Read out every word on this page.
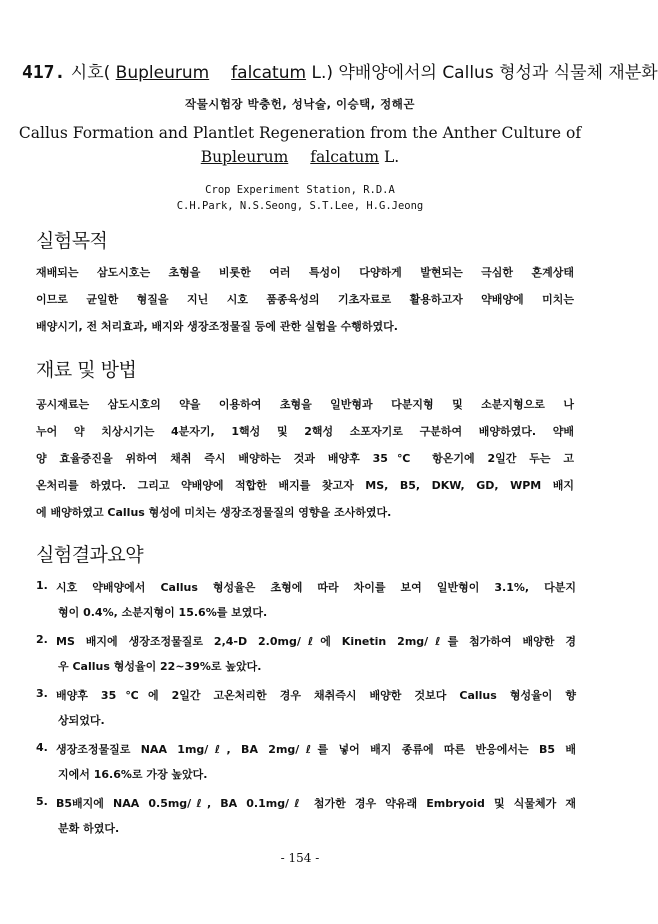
417. 시호( Bupleurum falcatum L.) 약배양에서의 Callus 형성과 식물체 재분화
작물시험장 박충헌, 성낙술, 이승택, 정해곤
Callus Formation and Plantlet Regeneration from the Anther Culture of
Bupleurum falcatum L.
Crop Experiment Station, R.D.A
C.H.Park, N.S.Seong, S.T.Lee, H.G.Jeong
실험목적
재배되는 삼도시호는 초형을 비롯한 여러 특성이 다양하게 발현되는 극심한 혼계상태
이므로 균일한 형질을 지닌 시호 품종육성의 기초자료로 활용하고자 약배양에 미치는
배양시기, 전 처리효과, 배지와 생장조정물질 등에 관한 실험을 수행하였다.
재료 및 방법
공시재료는 삼도시호의 약을 이용하여 초형을 일반형과 다분지형 및 소분지형으로 나
누어 약 치상시기는 4분자기, 1핵성 및 2핵성 소포자기로 구분하여 배양하였다. 약배
양 효율증진을 위하여 채취 즉시 배양하는 것과 배양후 35℃ 항온기에 2일간 두는 고
온처리를 하였다. 그리고 약배양에 적합한 배지를 찾고자 MS, B5, DKW, GD, WPM 배지
에 배양하였고 Callus 형성에 미치는 생장조정물질의 영향을 조사하였다.
실험결과요약
1. 시호 약배양에서 Callus 형성율은 초형에 따라 차이를 보여 일반형이 3.1%, 다분지
형이 0.4%, 소분지형이 15.6%를 보였다.
2. MS 배지에 생장조정물질로 2,4-D 2.0mg/ℓ에 Kinetin 2mg/ℓ를 첨가하여 배양한 경
우 Callus 형성율이 22~39%로 높았다.
3. 배양후 35℃에 2일간 고온처리한 경우 채취즉시 배양한 것보다 Callus 형성율이 향
상되었다.
4. 생장조정물질로 NAA 1mg/ℓ, BA 2mg/ℓ를 넣어 배지 종류에 따른 반응에서는 B5 배
지에서 16.6%로 가장 높았다.
5. B5배지에 NAA 0.5mg/ℓ, BA 0.1mg/ℓ 첨가한 경우 약유래 Embryoid 및 식물체가 재
분화 하였다.
- 154 -
